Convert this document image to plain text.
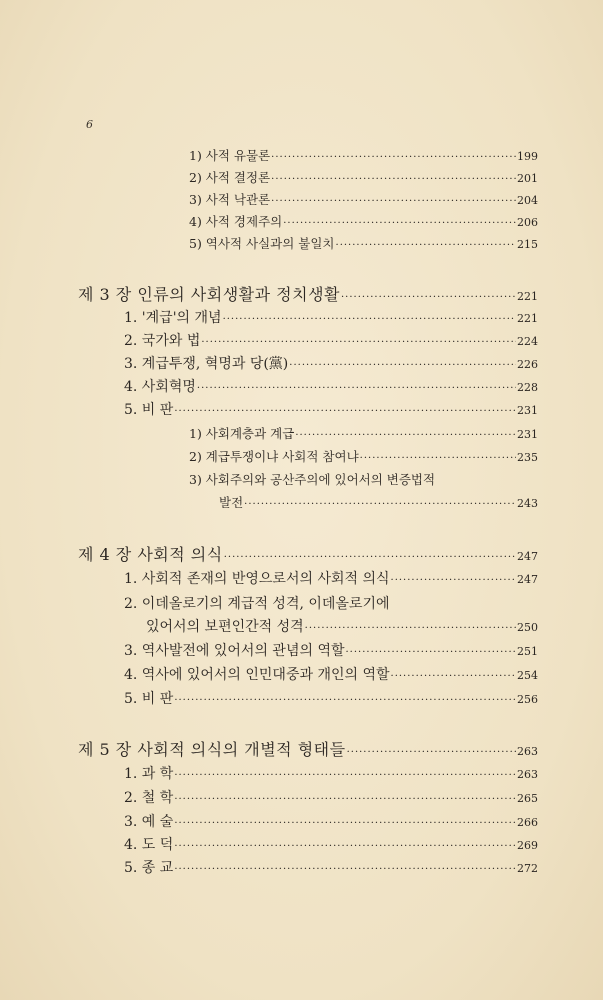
6
1) 사적 유물론 ·····	199
2) 사적 결정론 ·····	201
3) 사적 낙관론 ·····	204
4) 사적 경제주의 ·····	206
5) 역사적 사실과의 불일치 ·····	215
제 3 장 인류의 사회생활과 정치생활 ·····	221
1. '계급'의 개념 ·····	221
2. 국가와 법 ·····	224
3. 계급투쟁, 혁명과 당(黨) ·····	226
4. 사회혁명 ·····	228
5. 비 판 ·····	231
1) 사회계층과 계급 ·····	231
2) 계급투쟁이냐 사회적 참여냐 ·····	235
3) 사회주의와 공산주의에 있어서의 변증법적
발전 ·····	243
제 4 장 사회적 의식 ·····	247
1. 사회적 존재의 반영으로서의 사회적 의식 ·····	247
2. 이데올로기의 계급적 성격, 이데올로기에
있어서의 보편인간적 성격 ·····	250
3. 역사발전에 있어서의 관념의 역할 ·····	251
4. 역사에 있어서의 인민대중과 개인의 역할 ·····	254
5. 비 판 ·····	256
제 5 장 사회적 의식의 개별적 형태들 ·····	263
1. 과 학 ·····	263
2. 철 학 ·····	265
3. 예 술 ·····	266
4. 도 덕 ·····	269
5. 종 교 ·····	272
